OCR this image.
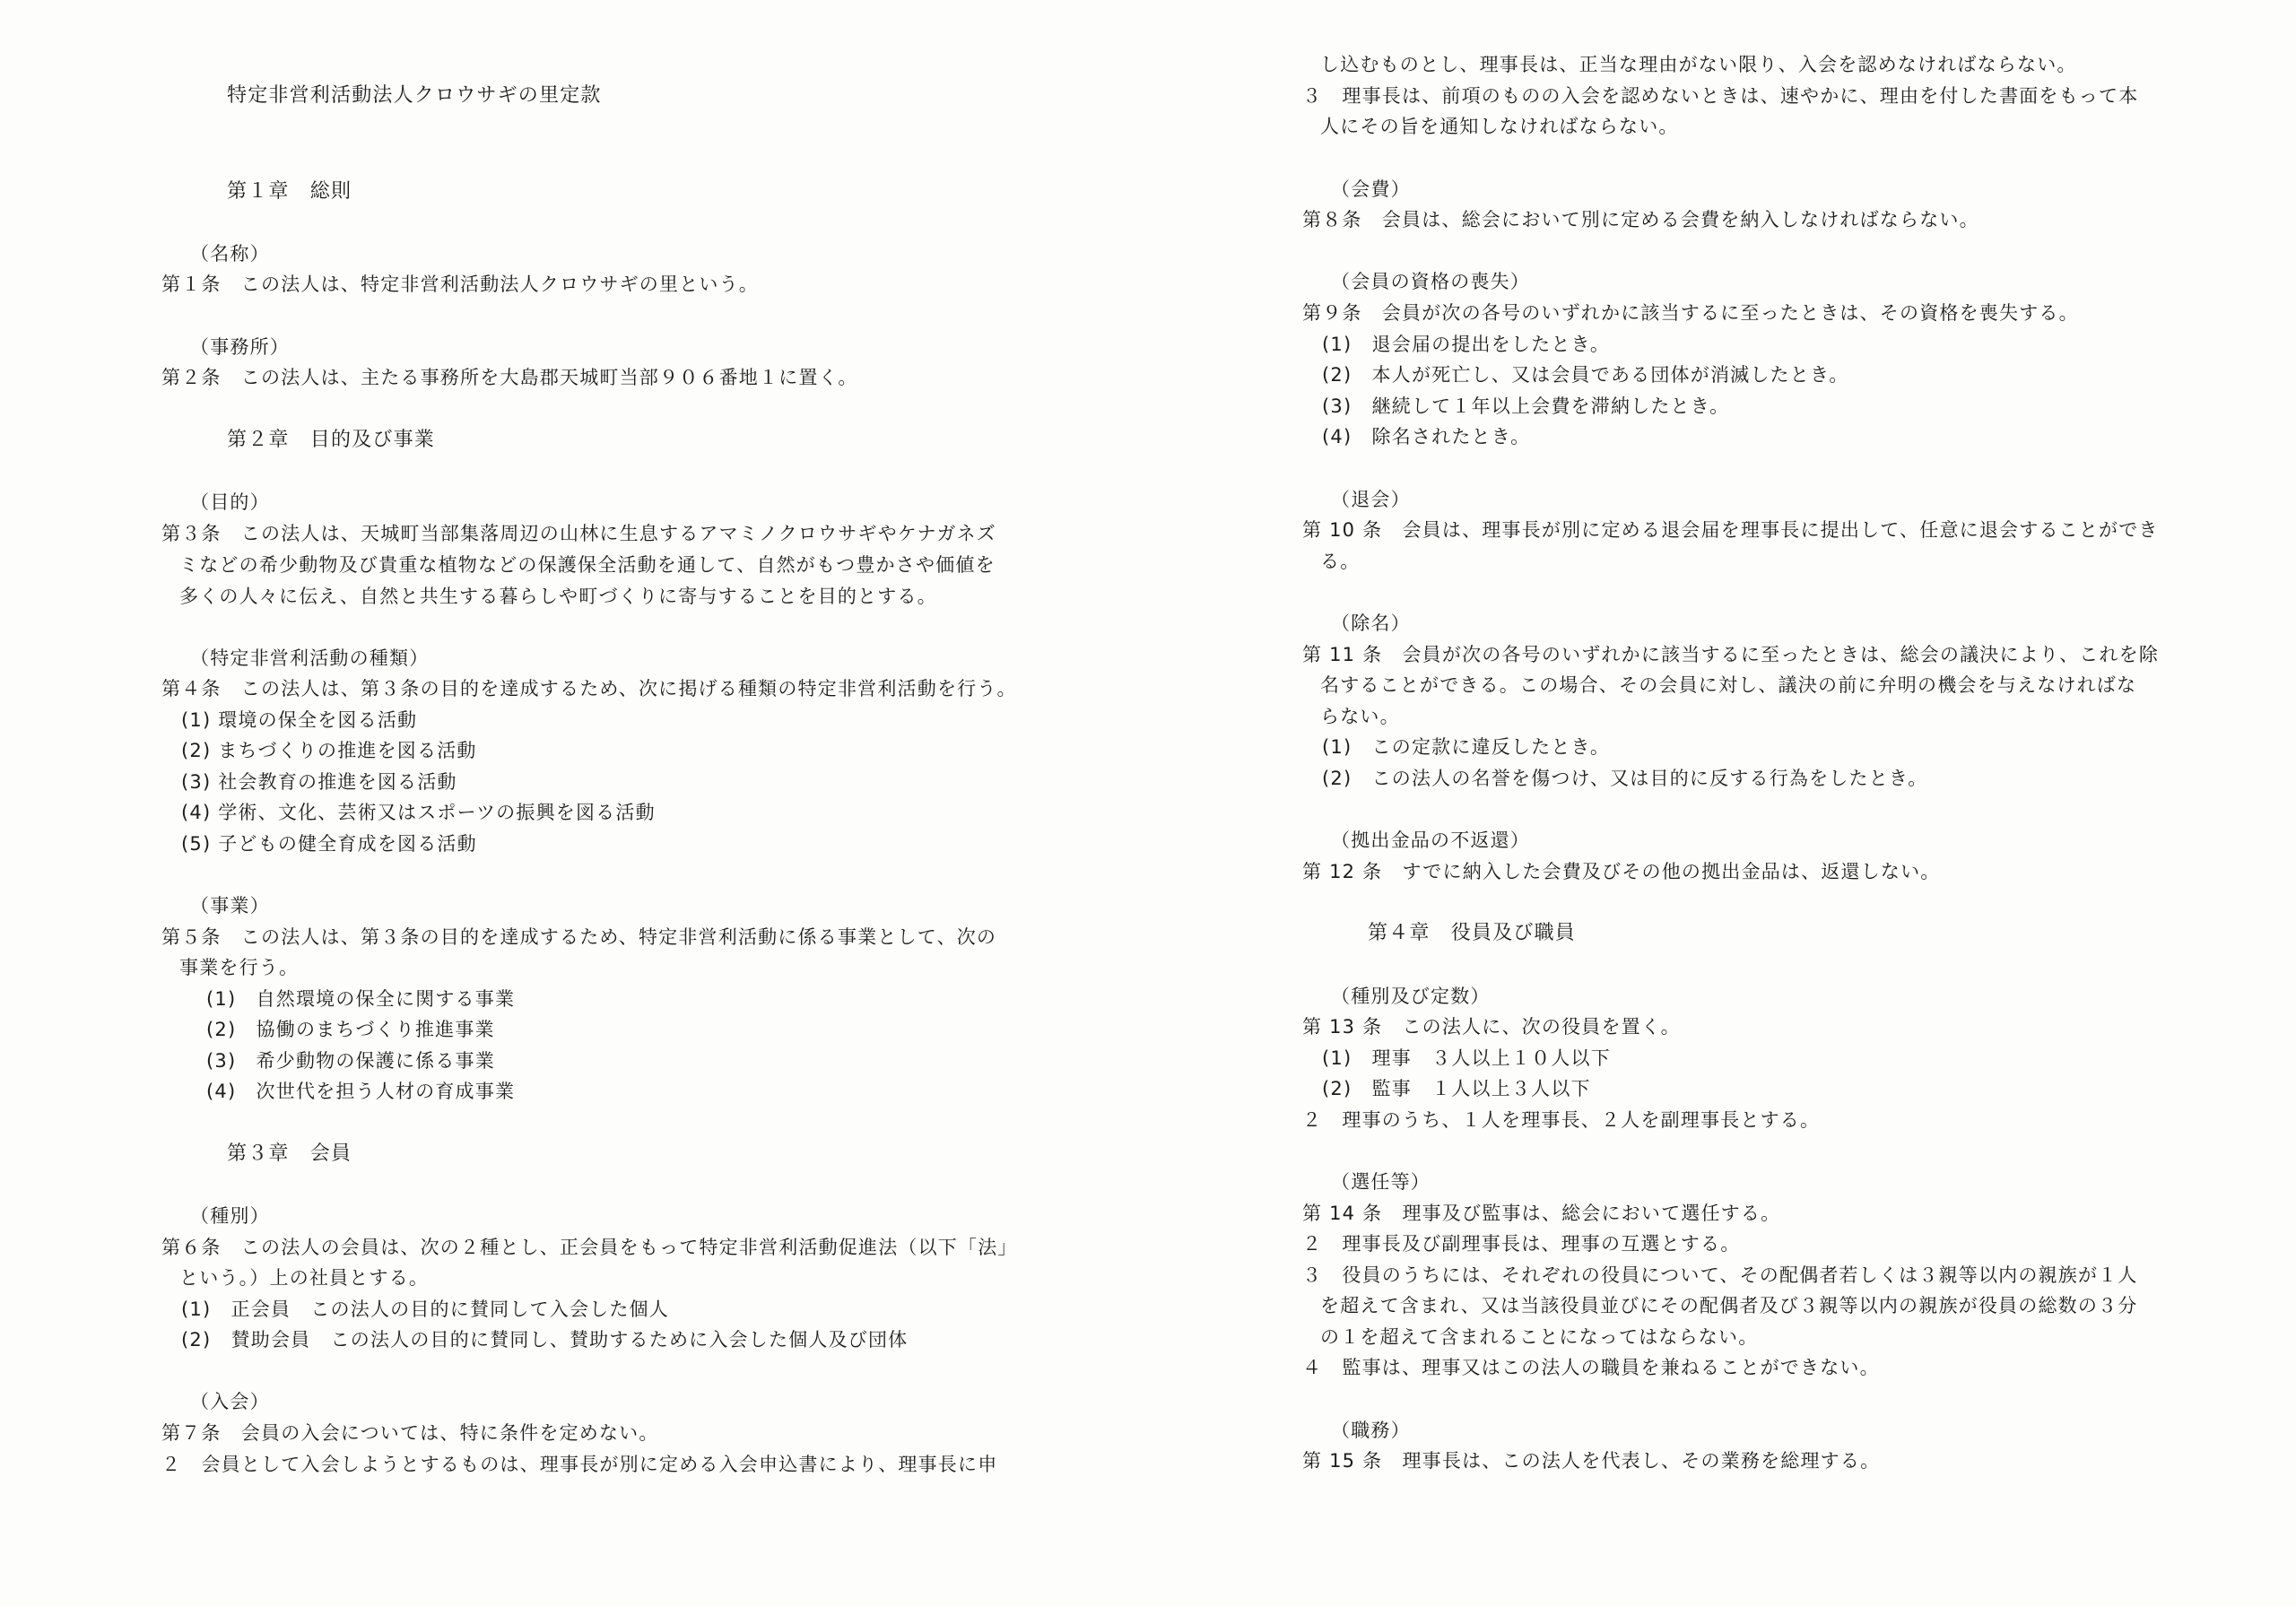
特定非営利活動法人クロウサギの里定款
第１章　総則
（名称）
第１条　この法人は、特定非営利活動法人クロウサギの里という。
（事務所）
第２条　この法人は、主たる事務所を大島郡天城町当部９０６番地１に置く。
第２章　目的及び事業
（目的）
第３条　この法人は、天城町当部集落周辺の山林に生息するアマミノクロウサギやケナガネズ
ミなどの希少動物及び貴重な植物などの保護保全活動を通して、自然がもつ豊かさや価値を
多くの人々に伝え、自然と共生する暮らしや町づくりに寄与することを目的とする。
（特定非営利活動の種類）
第４条　この法人は、第３条の目的を達成するため、次に掲げる種類の特定非営利活動を行う。
(1) 環境の保全を図る活動
(2) まちづくりの推進を図る活動
(3) 社会教育の推進を図る活動
(4) 学術、文化、芸術又はスポーツの振興を図る活動
(5) 子どもの健全育成を図る活動
（事業）
第５条　この法人は、第３条の目的を達成するため、特定非営利活動に係る事業として、次の
事業を行う。
(1)　自然環境の保全に関する事業
(2)　協働のまちづくり推進事業
(3)　希少動物の保護に係る事業
(4)　次世代を担う人材の育成事業
第３章　会員
（種別）
第６条　この法人の会員は、次の２種とし、正会員をもって特定非営利活動促進法（以下「法」
という。）上の社員とする。
(1)　正会員　この法人の目的に賛同して入会した個人
(2)　賛助会員　この法人の目的に賛同し、賛助するために入会した個人及び団体
（入会）
第７条　会員の入会については、特に条件を定めない。
２　会員として入会しようとするものは、理事長が別に定める入会申込書により、理事長に申
し込むものとし、理事長は、正当な理由がない限り、入会を認めなければならない。
３　理事長は、前項のものの入会を認めないときは、速やかに、理由を付した書面をもって本
人にその旨を通知しなければならない。
（会費）
第８条　会員は、総会において別に定める会費を納入しなければならない。
（会員の資格の喪失）
第９条　会員が次の各号のいずれかに該当するに至ったときは、その資格を喪失する。
(1)　退会届の提出をしたとき。
(2)　本人が死亡し、又は会員である団体が消滅したとき。
(3)　継続して１年以上会費を滞納したとき。
(4)　除名されたとき。
（退会）
第 10 条　会員は、理事長が別に定める退会届を理事長に提出して、任意に退会することができ
る。
（除名）
第 11 条　会員が次の各号のいずれかに該当するに至ったときは、総会の議決により、これを除
名することができる。この場合、その会員に対し、議決の前に弁明の機会を与えなければな
らない。
(1)　この定款に違反したとき。
(2)　この法人の名誉を傷つけ、又は目的に反する行為をしたとき。
（拠出金品の不返還）
第 12 条　すでに納入した会費及びその他の拠出金品は、返還しない。
第４章　役員及び職員
（種別及び定数）
第 13 条　この法人に、次の役員を置く。
(1)　理事　３人以上１０人以下
(2)　監事　１人以上３人以下
２　理事のうち、１人を理事長、２人を副理事長とする。
（選任等）
第 14 条　理事及び監事は、総会において選任する。
２　理事長及び副理事長は、理事の互選とする。
３　役員のうちには、それぞれの役員について、その配偶者若しくは３親等以内の親族が１人
を超えて含まれ、又は当該役員並びにその配偶者及び３親等以内の親族が役員の総数の３分
の１を超えて含まれることになってはならない。
４　監事は、理事又はこの法人の職員を兼ねることができない。
（職務）
第 15 条　理事長は、この法人を代表し、その業務を総理する。
